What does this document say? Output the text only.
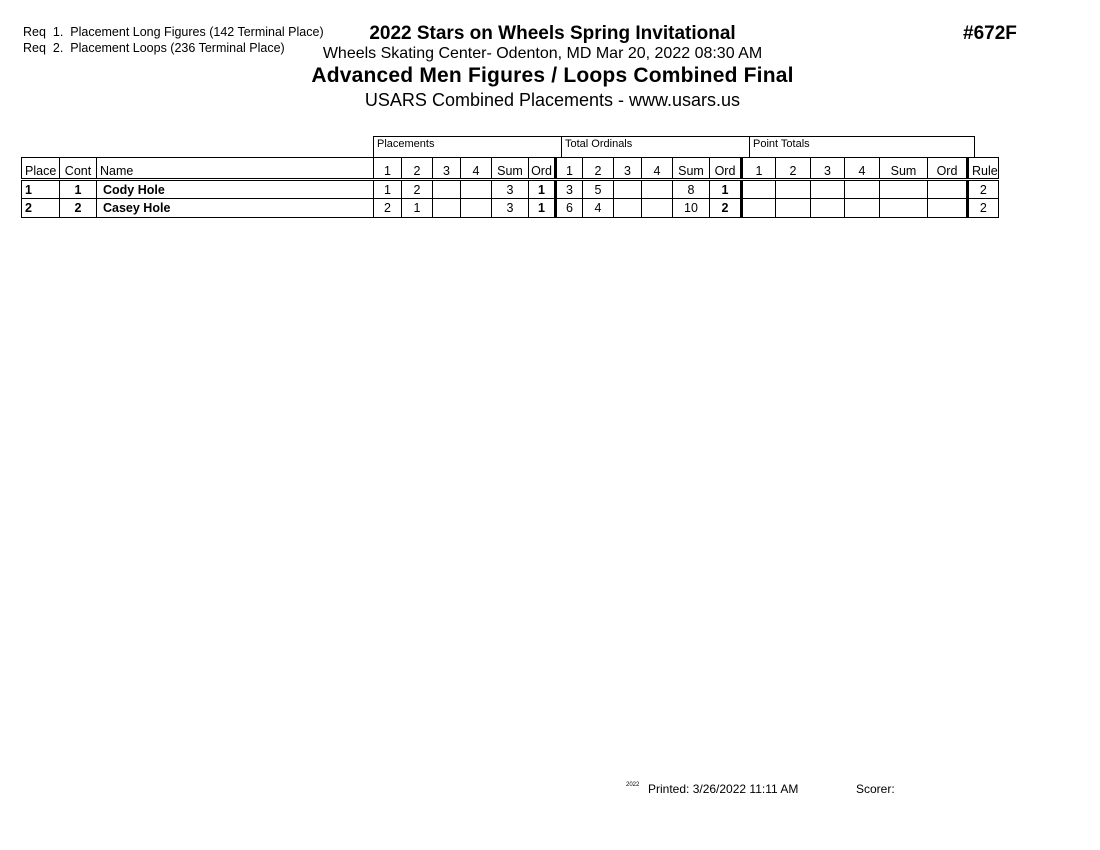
Req  1.  Placement Long Figures (142 Terminal Place)
Req  2.  Placement Loops (236 Terminal Place)
2022 Stars on Wheels Spring Invitational
Wheels Skating Center- Odenton, MD Mar 20, 2022 08:30 AM
Advanced Men Figures / Loops Combined Final
USARS Combined Placements - www.usars.us
#672F
Placements	Total Ordinals	Point Totals
Place	Cont	Name	1	2	3	4	Sum	Ord	1	2	3	4	Sum	Ord	1	2	3	4	Sum	Ord	Rule
1	1	Cody Hole	1	2			3	1	3	5			8	1							2
2	2	Casey Hole	2	1			3	1	6	4			10	2							2
2022 Printed: 3/26/2022 11:11 AM	Scorer:
